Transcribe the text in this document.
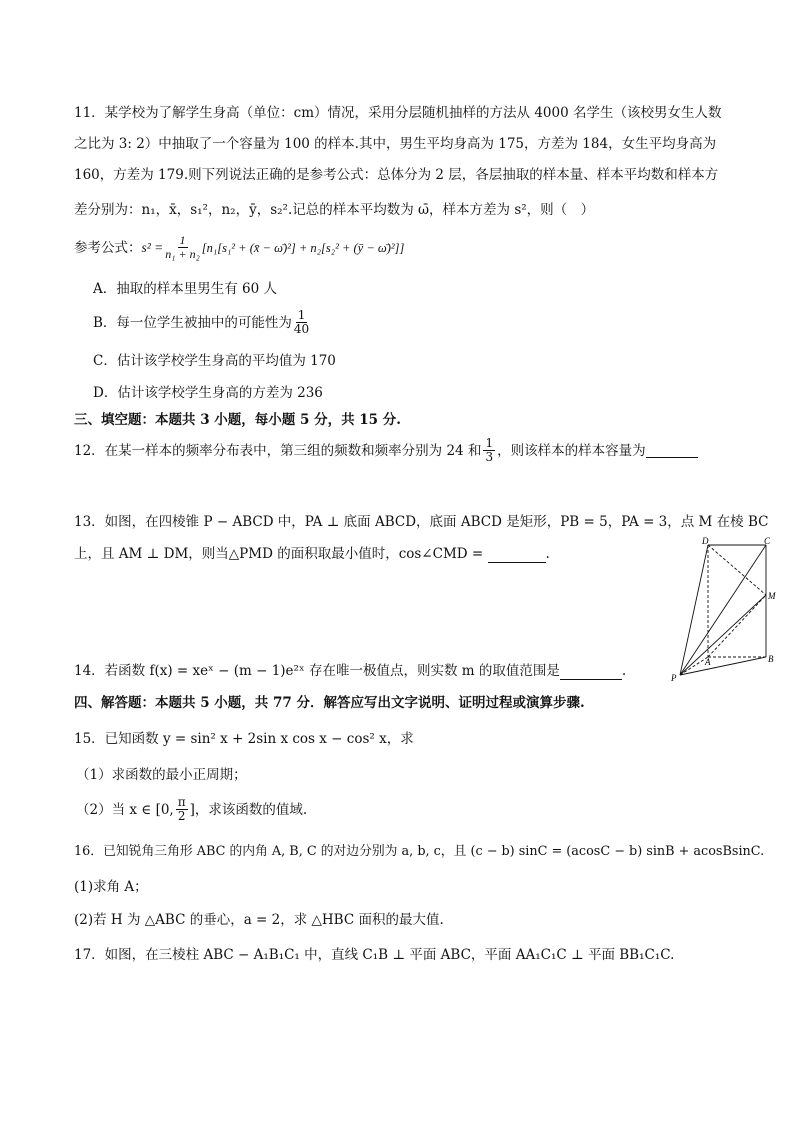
11．某学校为了解学生身高（单位：cm）情况，采用分层随机抽样的方法从 4000 名学生（该校男女生人数
之比为 3: 2）中抽取了一个容量为 100 的样本.其中，男生平均身高为 175，方差为 184，女生平均身高为
160，方差为 179.则下列说法正确的是参考公式：总体分为 2 层，各层抽取的样本量、样本平均数和样本方
差分别为：n₁，x̄，s₁²，n₂，ȳ，s₂².记总的样本平均数为 ω̄，样本方差为 s²，则（　）
参考公式： $s^2 = \frac{1}{\text{n₁ + n₂}} [n_1[s_1^2$ + (x̄ − ω̄)²] + n₂[s₂² + (ȳ − ω̄)²]]
A．抽取的样本里男生有 60 人
B．每一位学生被抽中的可能性为 $\frac{1}{40}$
C．估计该学校学生身高的平均值为 170
D．估计该学校学生身高的方差为 236
三、填空题：本题共 3 小题，每小题 5 分，共 15 分.
12．在某一样本的频率分布表中，第三组的频数和频率分别为 24 和 $\frac{1}{3}$ ，则该样本的样本容量为
13．如图，在四棱锥 P − ABCD 中，PA ⊥ 底面 ABCD，底面 ABCD 是矩形，PB = 5，PA = 3，点 M 在棱 BC
上，且 AM ⊥ DM，则当△PMD 的面积取最小值时，cos∠CMD =	.
D	C
M
A	B
P
14．若函数 f(x) = xeˣ − (m − 1)e²ˣ 存在唯一极值点，则实数 m 的取值范围是	.
四、解答题：本题共 5 小题，共 77 分．解答应写出文字说明、证明过程或演算步骤.
15．已知函数 y = sin² x + 2sin x cos x − cos² x，求
（1）求函数的最小正周期；
（2）当 x ∈ [0, $\frac{\pi}{2}$ ]，求该函数的值域.
16．已知锐角三角形 ABC 的内角 A, B, C 的对边分别为 a, b, c，且 (c − b) sinC = (acosC − b) sinB + acosBsinC.
(1)求角 A；
(2)若 H 为 △ABC 的垂心，a = 2，求 △HBC 面积的最大值.
17．如图，在三棱柱 ABC − A₁B₁C₁ 中，直线 C₁B ⊥ 平面 ABC，平面 AA₁C₁C ⊥ 平面 BB₁C₁C.
